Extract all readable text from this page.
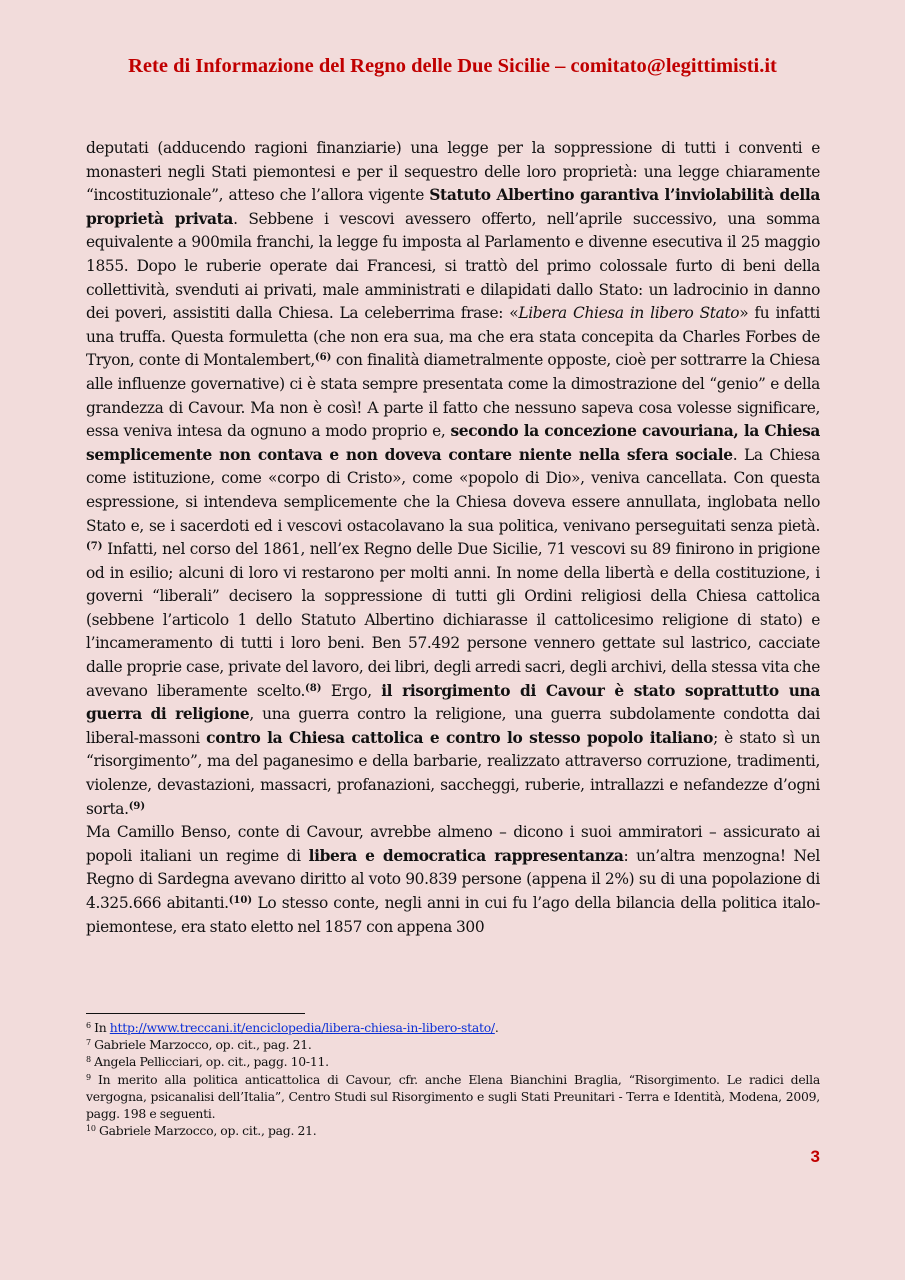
Rete di Informazione del Regno delle Due Sicilie – comitato@legittimisti.it

deputati (adducendo ragioni finanziarie) una legge per la soppressione di tutti i conventi e monasteri negli Stati piemontesi e per il sequestro delle loro proprietà: una legge chiaramente “incostituzionale”, atteso che l’allora vigente Statuto Albertino garantiva l’inviolabilità della proprietà privata. Sebbene i vescovi avessero offerto, nell’aprile successivo, una somma equivalente a 900mila franchi, la legge fu imposta al Parlamento e divenne esecutiva il 25 maggio 1855. Dopo le ruberie operate dai Francesi, si trattò del primo colossale furto di beni della collettività, svenduti ai privati, male amministrati e dilapidati dallo Stato: un ladrocinio in danno dei poveri, assistiti dalla Chiesa. La celeberrima frase: «Libera Chiesa in libero Stato» fu infatti una truffa. Questa formuletta (che non era sua, ma che era stata concepita da Charles Forbes de Tryon, conte di Montalembert,$^{(6)}$ con finalità diametralmente opposte, cioè per sottrarre la Chiesa alle influenze governative) ci è stata sempre presentata come la dimostrazione del “genio” e della grandezza di Cavour. Ma non è così! A parte il fatto che nessuno sapeva cosa volesse significare, essa veniva intesa da ognuno a modo proprio e, secondo la concezione cavouriana, la Chiesa semplicemente non contava e non doveva contare niente nella sfera sociale. La Chiesa come istituzione, come «corpo di Cristo», come «popolo di Dio», veniva cancellata. Con questa espressione, si intendeva semplicemente che la Chiesa doveva essere annullata, inglobata nello Stato e, se i sacerdoti ed i vescovi ostacolavano la sua politica, venivano perseguitati senza pietà.$^{(7)}$ Infatti, nel corso del 1861, nell’ex Regno delle Due Sicilie, 71 vescovi su 89 finirono in prigione od in esilio; alcuni di loro vi restarono per molti anni. In nome della libertà e della costituzione, i governi “liberali” decisero la soppressione di tutti gli Ordini religiosi della Chiesa cattolica (sebbene l’articolo 1 dello Statuto Albertino dichiarasse il cattolicesimo religione di stato) e l’incameramento di tutti i loro beni. Ben 57.492 persone vennero gettate sul lastrico, cacciate dalle proprie case, private del lavoro, dei libri, degli arredi sacri, degli archivi, della stessa vita che avevano liberamente scelto.$^{(8)}$ Ergo, il risorgimento di Cavour è stato soprattutto una guerra di religione, una guerra contro la religione, una guerra subdolamente condotta dai liberal-massoni contro la Chiesa cattolica e contro lo stesso popolo italiano; è stato sì un “risorgimento”, ma del paganesimo e della barbarie, realizzato attraverso corruzione, tradimenti, violenze, devastazioni, massacri, profanazioni, saccheggi, ruberie, intrallazzi e nefandezze d’ogni sorta.$^{(9)}$

Ma Camillo Benso, conte di Cavour, avrebbe almeno – dicono i suoi ammiratori – assicurato ai popoli italiani un regime di libera e democratica rappresentanza: un’altra menzogna! Nel Regno di Sardegna avevano diritto al voto 90.839 persone (appena il 2%) su di una popolazione di 4.325.666 abitanti.$^{(10)}$ Lo stesso conte, negli anni in cui fu l’ago della bilancia della politica italo-piemontese, era stato eletto nel 1857 con appena 300

$^6$ In http://www.treccani.it/enciclopedia/libera-chiesa-in-libero-stato/.
$^7$ Gabriele Marzocco, op. cit., pag. 21.
$^8$ Angela Pellicciari, op. cit., pagg. 10-11.
$^9$ In merito alla politica anticattolica di Cavour, cfr. anche Elena Bianchini Braglia, “Risorgimento. Le radici della vergogna, psicanalisi dell’Italia”, Centro Studi sul Risorgimento e sugli Stati Preunitari - Terra e Identità, Modena, 2009, pagg. 198 e seguenti.
$^{10}$ Gabriele Marzocco, op. cit., pag. 21.
3
